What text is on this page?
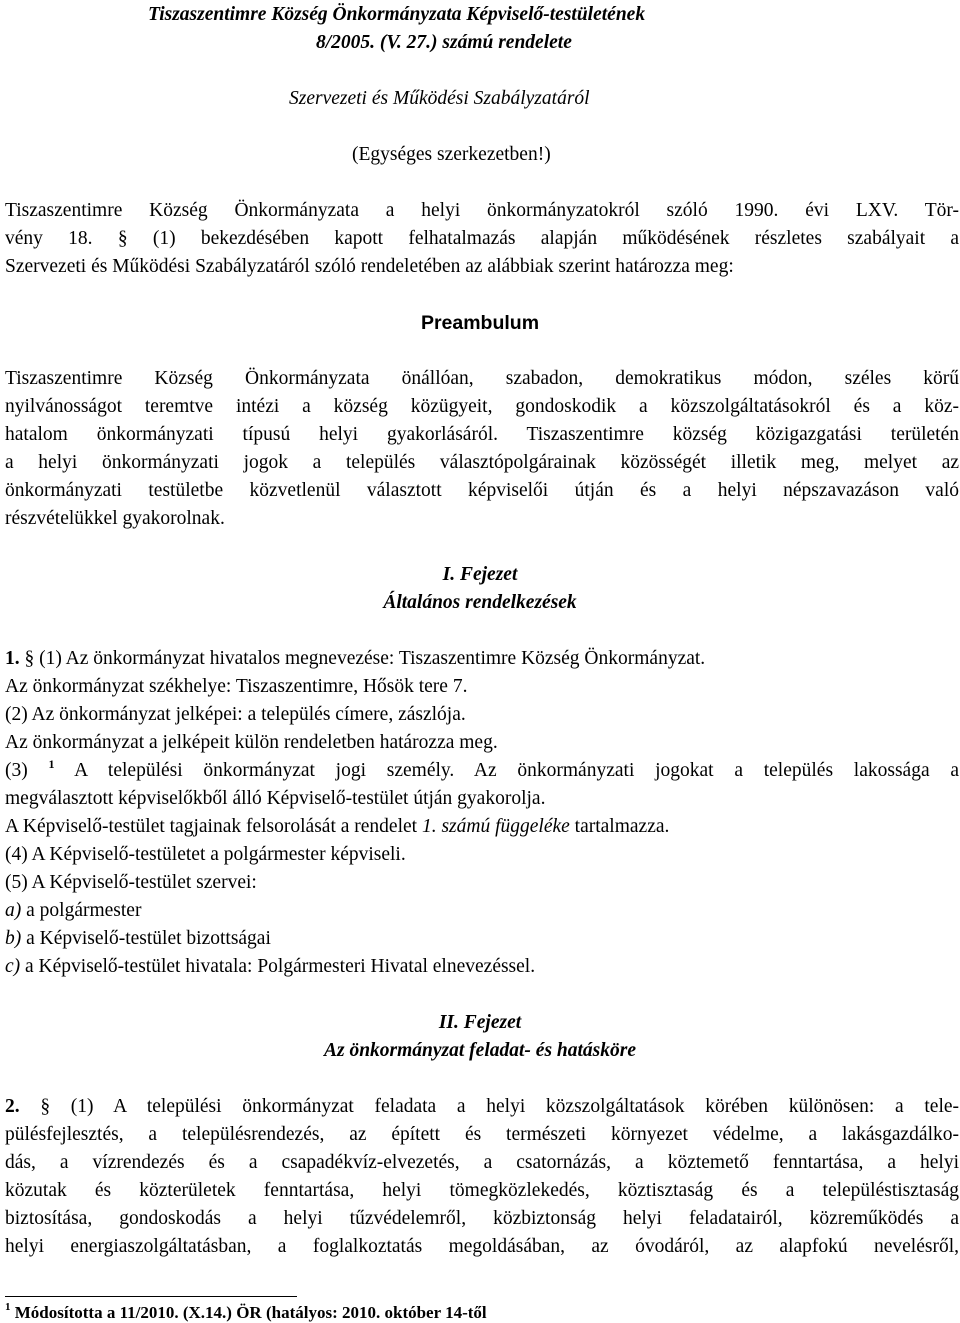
Tiszaszentimre Község Önkormányzata Képviselő-testületének
8/2005. (V. 27.) számú rendelete
Szervezeti és Működési Szabályzatáról
(Egységes szerkezetben!)
Tiszaszentimre Község Önkormányzata a helyi önkormányzatokról szóló 1990. évi LXV. Tör-
vény 18. § (1) bekezdésében kapott felhatalmazás alapján működésének részletes szabályait a
Szervezeti és Működési Szabályzatáról szóló rendeletében az alábbiak szerint határozza meg:
Preambulum
Tiszaszentimre Község Önkormányzata önállóan, szabadon, demokratikus módon, széles körű
nyilvánosságot teremtve intézi a község közügyeit, gondoskodik a közszolgáltatásokról és a köz-
hatalom önkormányzati típusú helyi gyakorlásáról. Tiszaszentimre község közigazgatási területén
a helyi önkormányzati jogok a település választópolgárainak közösségét illetik meg, melyet az
önkormányzati testületbe közvetlenül választott képviselői útján és a helyi népszavazáson való
részvételükkel gyakorolnak.
I. Fejezet
Általános rendelkezések
1. § (1) Az önkormányzat hivatalos megnevezése: Tiszaszentimre Község Önkormányzat.
Az önkormányzat székhelye: Tiszaszentimre, Hősök tere 7.
(2) Az önkormányzat jelképei: a település címere, zászlója.
Az önkormányzat a jelképeit külön rendeletben határozza meg.
(3) $^1$ A települési önkormányzat jogi személy. Az önkormányzati jogokat a település lakossága a
megválasztott képviselőkből álló Képviselő-testület útján gyakorolja.
A Képviselő-testület tagjainak felsorolását a rendelet 1. számú függeléke tartalmazza.
(4) A Képviselő-testületet a polgármester képviseli.
(5) A Képviselő-testület szervei:
a) a polgármester
b) a Képviselő-testület bizottságai
c) a Képviselő-testület hivatala: Polgármesteri Hivatal elnevezéssel.
II. Fejezet
Az önkormányzat feladat- és hatásköre
2. § (1) A települési önkormányzat feladata a helyi közszolgáltatások körében különösen: a tele-
pülésfejlesztés, a településrendezés, az épített és természeti környezet védelme, a lakásgazdálko-
dás, a vízrendezés és a csapadékvíz-elvezetés, a csatornázás, a köztemető fenntartása, a helyi
közutak és közterületek fenntartása, helyi tömegközlekedés, köztisztaság és a településtisztaság
biztosítása, gondoskodás a helyi tűzvédelemről, közbiztonság helyi feladatairól, közreműködés a
helyi energiaszolgáltatásban, a foglalkoztatás megoldásában, az óvodáról, az alapfokú nevelésről,
$^1$ Módosította a 11/2010. (X.14.) ÖR (hatályos: 2010. október 14-től
